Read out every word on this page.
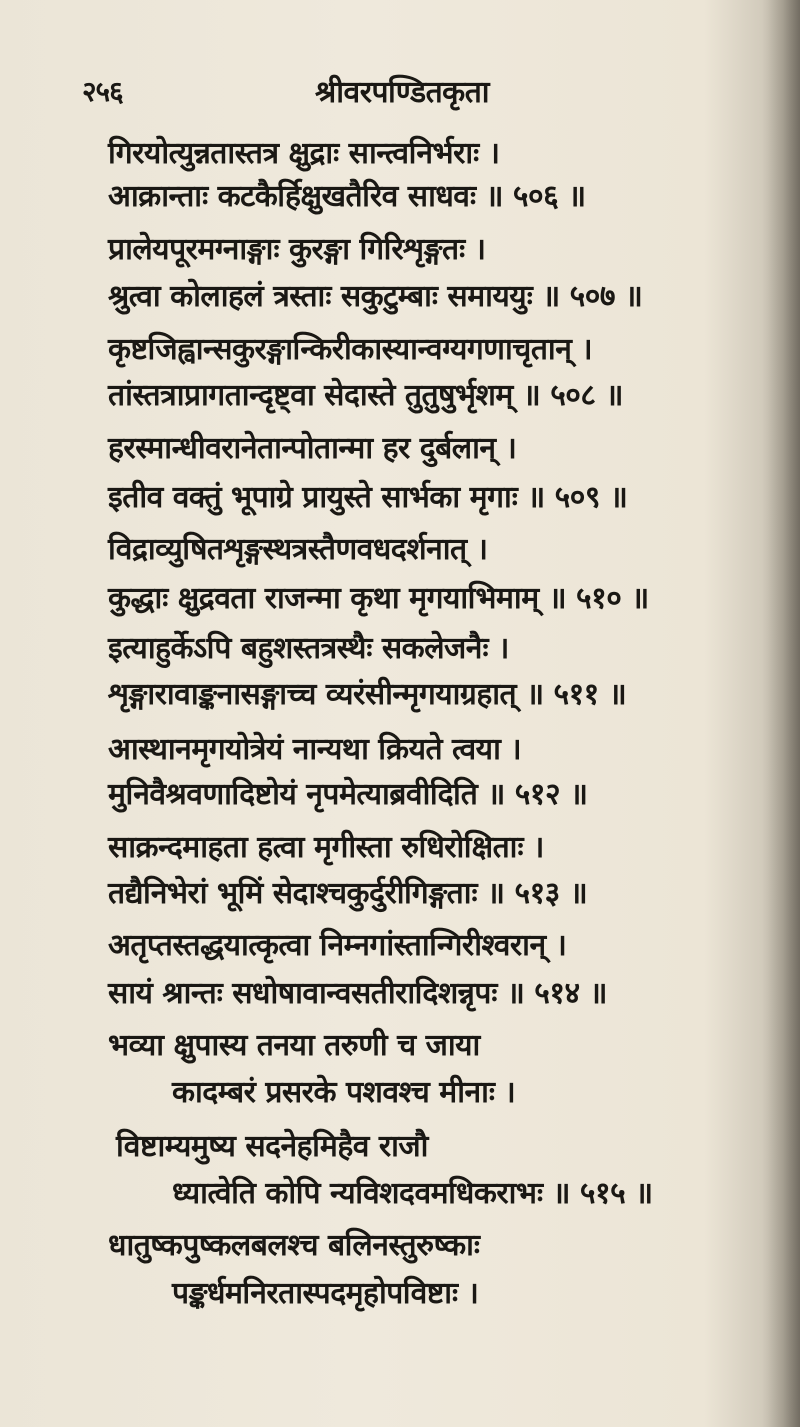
२५६	श्रीवरपण्डितकृता
गिरयोत्युन्नतास्तत्र क्षुद्राः सान्त्वनिर्भराः ।
आक्रान्ताः कटकैर्हिक्षुखतैरिव साधवः ॥ ५०६ ॥
प्रालेयपूरमग्नाङ्गाः कुरङ्गा गिरिशृङ्गतः ।
श्रुत्वा कोलाहलं त्रस्ताः सकुटुम्बाः समाययुः ॥ ५०७ ॥
कृष्टजिह्वान्सकुरङ्गान्किरीकास्यान्वग्यगणाचृतान् ।
तांस्तत्राप्रागतान्दृष्ट्वा सेदास्ते तुतुषुर्भृशम् ॥ ५०८ ॥
हरस्मान्धीवरानेतान्पोतान्मा हर दुर्बलान् ।
इतीव वक्तुं भूपाग्रे प्रायुस्ते सार्भका मृगाः ॥ ५०९ ॥
विद्राव्युषितशृङ्गस्थत्रस्तैणवधदर्शनात् ।
कुद्धाः क्षुद्रवता राजन्मा कृथा मृगयाभिमाम् ॥ ५१० ॥
इत्याहुर्केऽपि बहुशस्तत्रस्थैः सकलेजनैः ।
शृङ्गारावाङ्कनासङ्गाच्च व्यरंसीन्मृगयाग्रहात् ॥ ५११ ॥
आस्थानमृगयोत्रेयं नान्यथा क्रियते त्वया ।
मुनिवैश्रवणादिष्टोयं नृपमेत्याब्रवीदिति ॥ ५१२ ॥
साक्रन्दमाहता हत्वा मृगीस्ता रुधिरोक्षिताः ।
तद्यैनिभेरां भूमिं सेदाश्चकुर्दुरीगिङ्गताः ॥ ५१३ ॥
अतृप्तस्तद्धयात्कृत्वा निम्नगांस्तान्गिरीश्वरान् ।
सायं श्रान्तः सधोषावान्वसतीरादिशन्नृपः ॥ ५१४ ॥
भव्या क्षुपास्य तनया तरुणी च जाया
कादम्बरं प्रसरके पशवश्च मीनाः ।
विष्टाम्यमुष्य सदनेहमिहैव राजौ
ध्यात्वेति कोपि न्यविशदवमधिकराभः ॥ ५१५ ॥
धातुष्कपुष्कलबलश्च बलिनस्तुरुष्काः
पङ्कर्धमनिरतास्पदमृहोपविष्टाः ।
